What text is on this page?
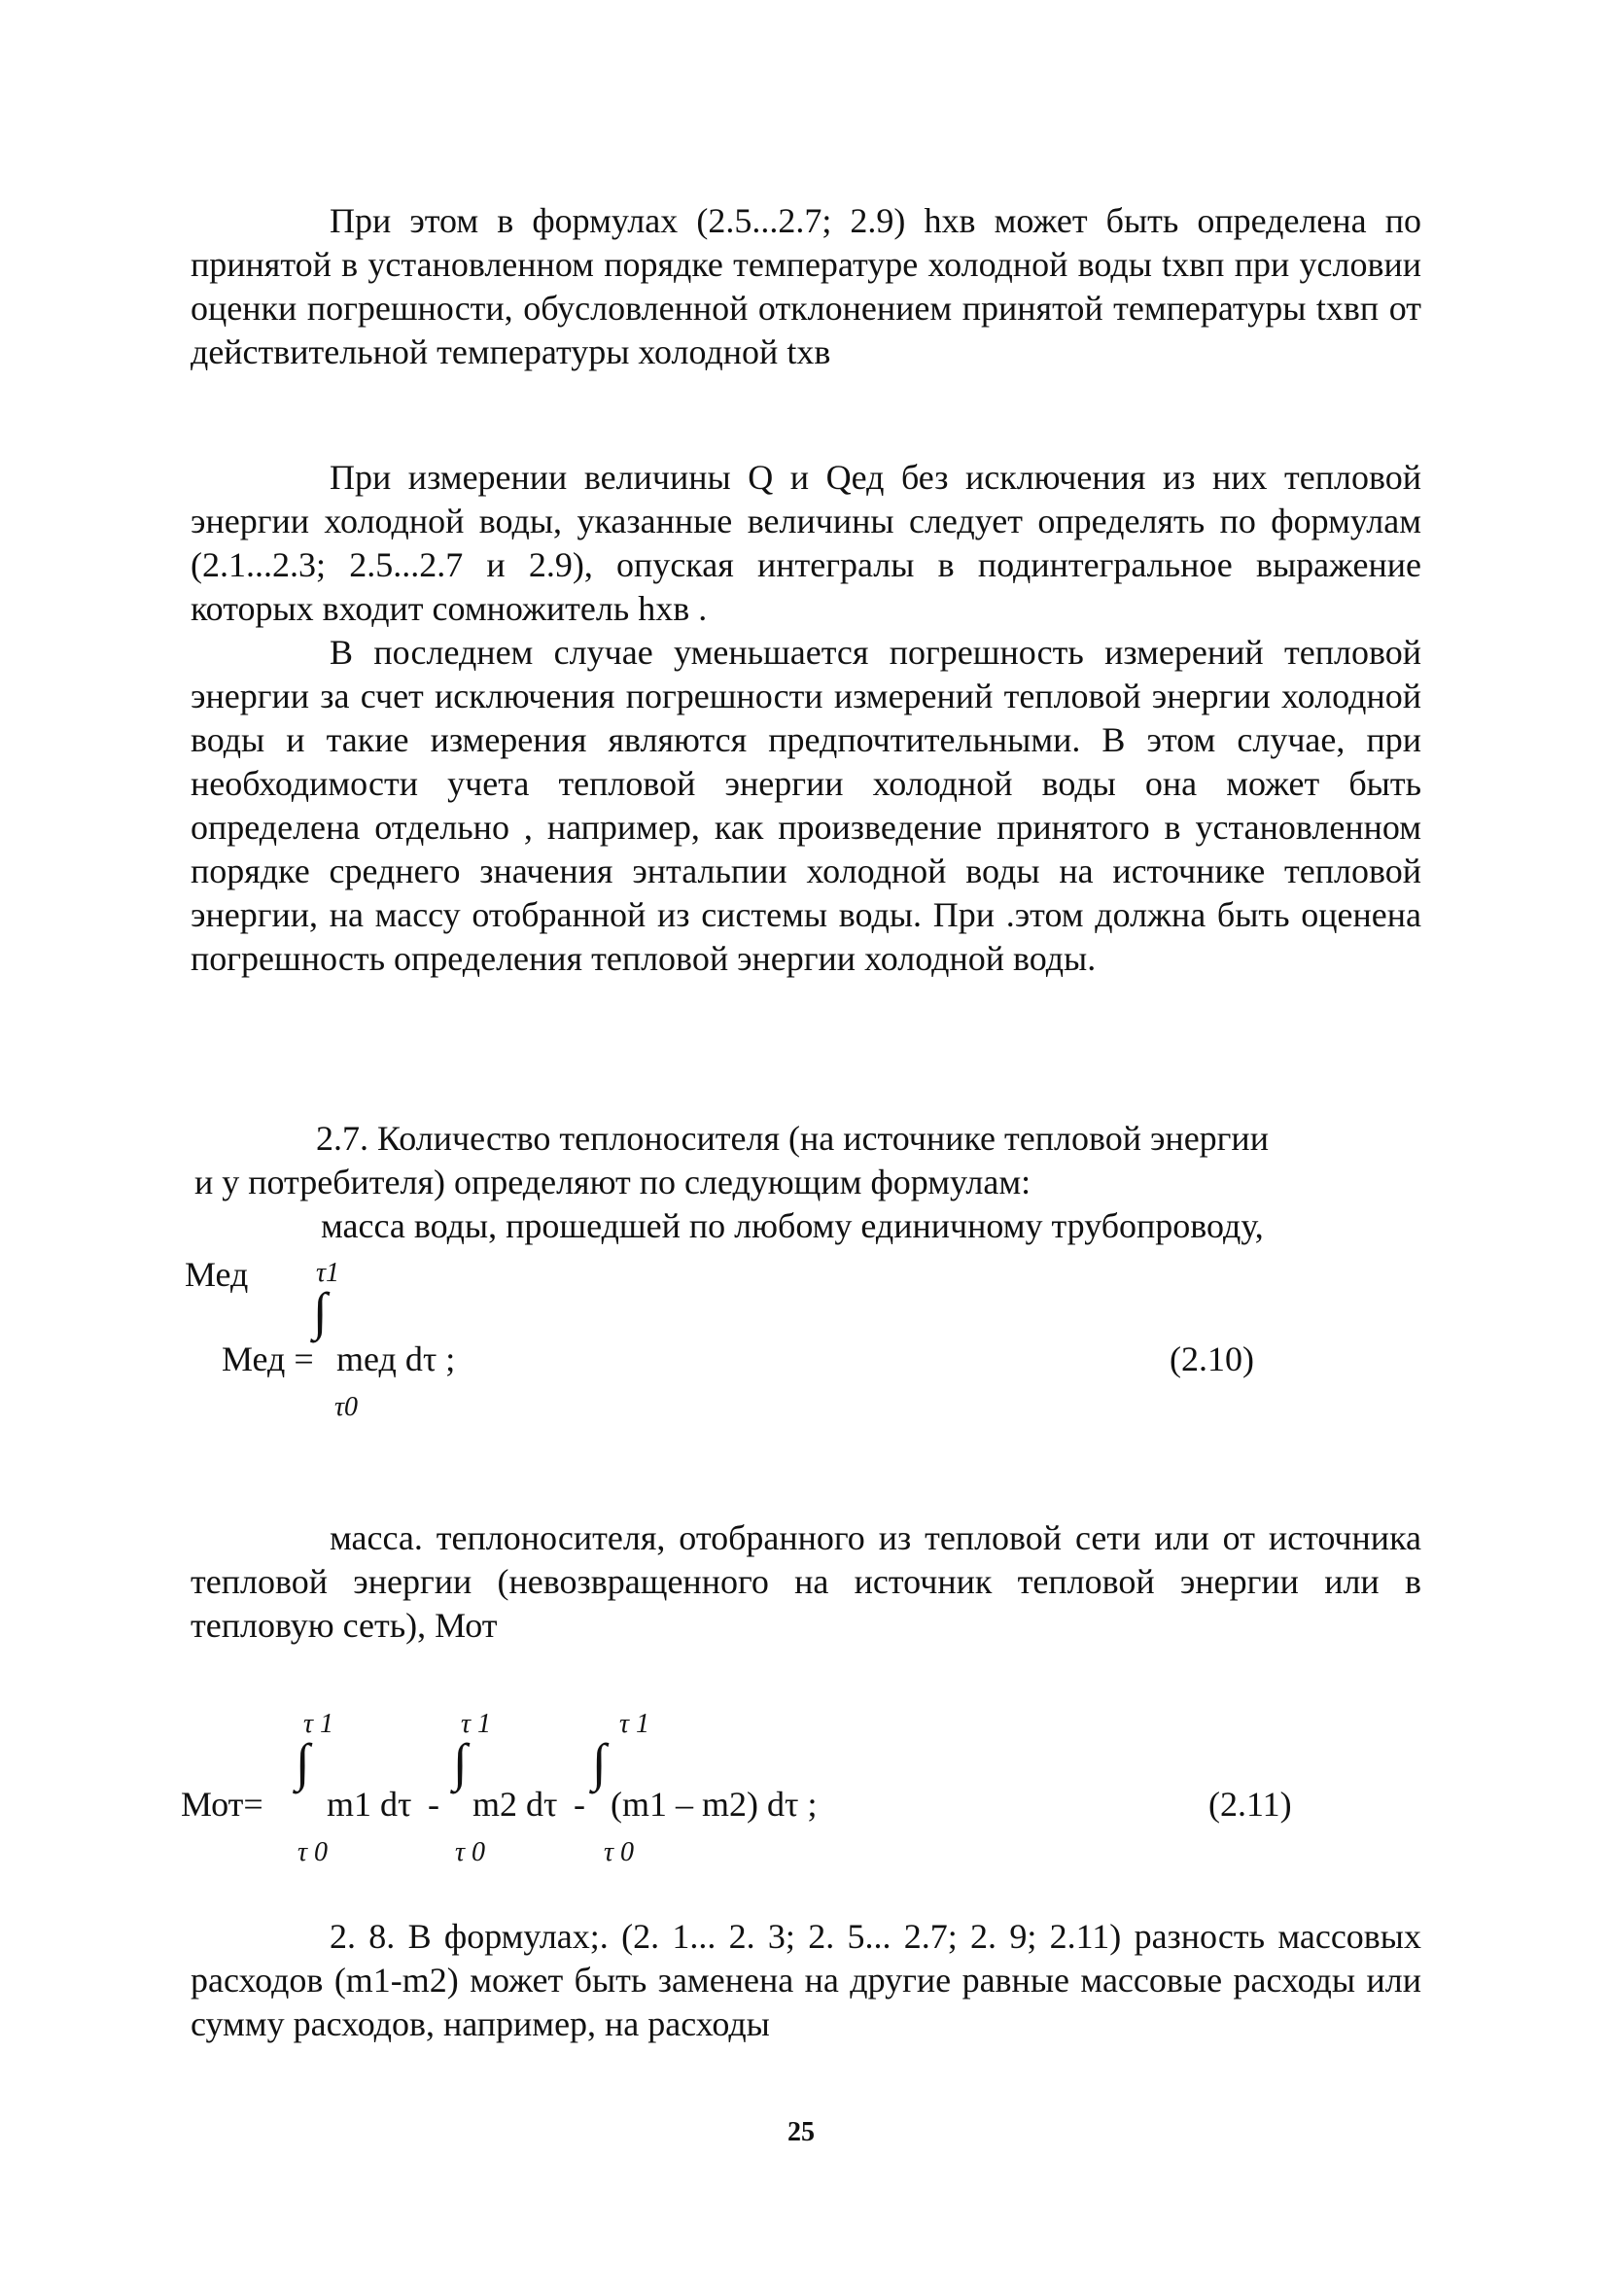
При этом в формулах (2.5...2.7; 2.9) hхв может быть определена по принятой в установленном порядке температуре холодной воды tхвп при условии оценки погрешности, обусловленной отклонением принятой температуры tхвп от действительной температуры холодной tхв

При измерении величины Q и Qед без исключения из них тепловой энергии холодной воды, указанные величины следует определять по формулам (2.1...2.3; 2.5...2.7 и 2.9), опуская интегралы в подинтегральное выражение которых входит сомножитель hхв .

В последнем случае уменьшается погрешность измерений тепловой энергии за счет исключения погрешности измерений тепловой энергии холодной воды и такие измерения являются предпочтительными. В этом случае, при необходимости учета тепловой энергии холодной воды она может быть определена отдельно , например, как произведение принятого в установленном порядке среднего значения энтальпии холодной воды на источнике тепловой энергии, на массу отобранной из системы воды. При .этом должна быть оценена погрешность определения тепловой энергии холодной воды.

2.7. Количество теплоносителя (на источнике тепловой энергии
и у потребителя) определяют по следующим формулам:

масса воды, прошедшей по любому единичному трубопроводу,

Мед τ1
∫
Мед = mед dτ ;
τ0
(2.10)

масса. теплоносителя, отобранного из тепловой сети или от источника тепловой энергии (невозвращенного на источник тепловой энергии или в тепловую сеть), Мот

τ 1	τ 1	τ 1
∫	∫ ∫
Мот= m1 dτ - m2 dτ - (m1 – m2) dτ ;
τ 0	τ 0	τ 0
(2.11)

2. 8. В формулах;. (2. 1... 2. 3; 2. 5... 2.7; 2. 9; 2.11) разность массовых расходов (m1-m2) может быть заменена на другие равные массовые расходы или сумму расходов, например, на расходы

25
